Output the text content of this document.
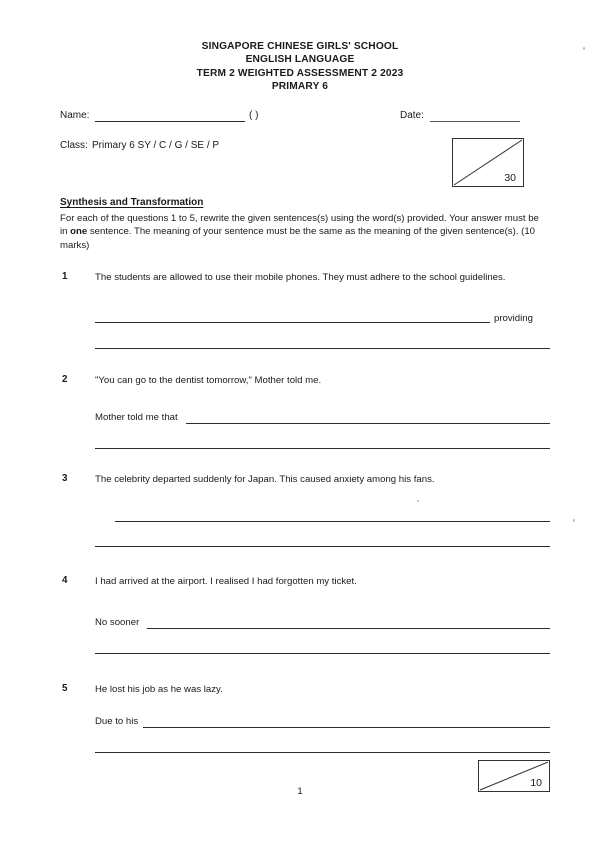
SINGAPORE CHINESE GIRLS' SCHOOL
ENGLISH LANGUAGE
TERM 2 WEIGHTED ASSESSMENT 2 2023
PRIMARY 6
Name:	( )	Date:
Class: Primary 6 SY / C / G / SE / P
30
Synthesis and Transformation
For each of the questions 1 to 5, rewrite the given sentences(s) using the word(s) provided. Your answer must be in one sentence. The meaning of your sentence must be the same as the meaning of the given sentence(s). (10 marks)
1	The students are allowed to use their mobile phones. They must adhere to the school guidelines.
providing
2	"You can go to the dentist tomorrow," Mother told me.
Mother told me that
3	The celebrity departed suddenly for Japan. This caused anxiety among his fans.
4	I had arrived at the airport. I realised I had forgotten my ticket.
No sooner
5	He lost his job as he was lazy.
Due to his
10
1
